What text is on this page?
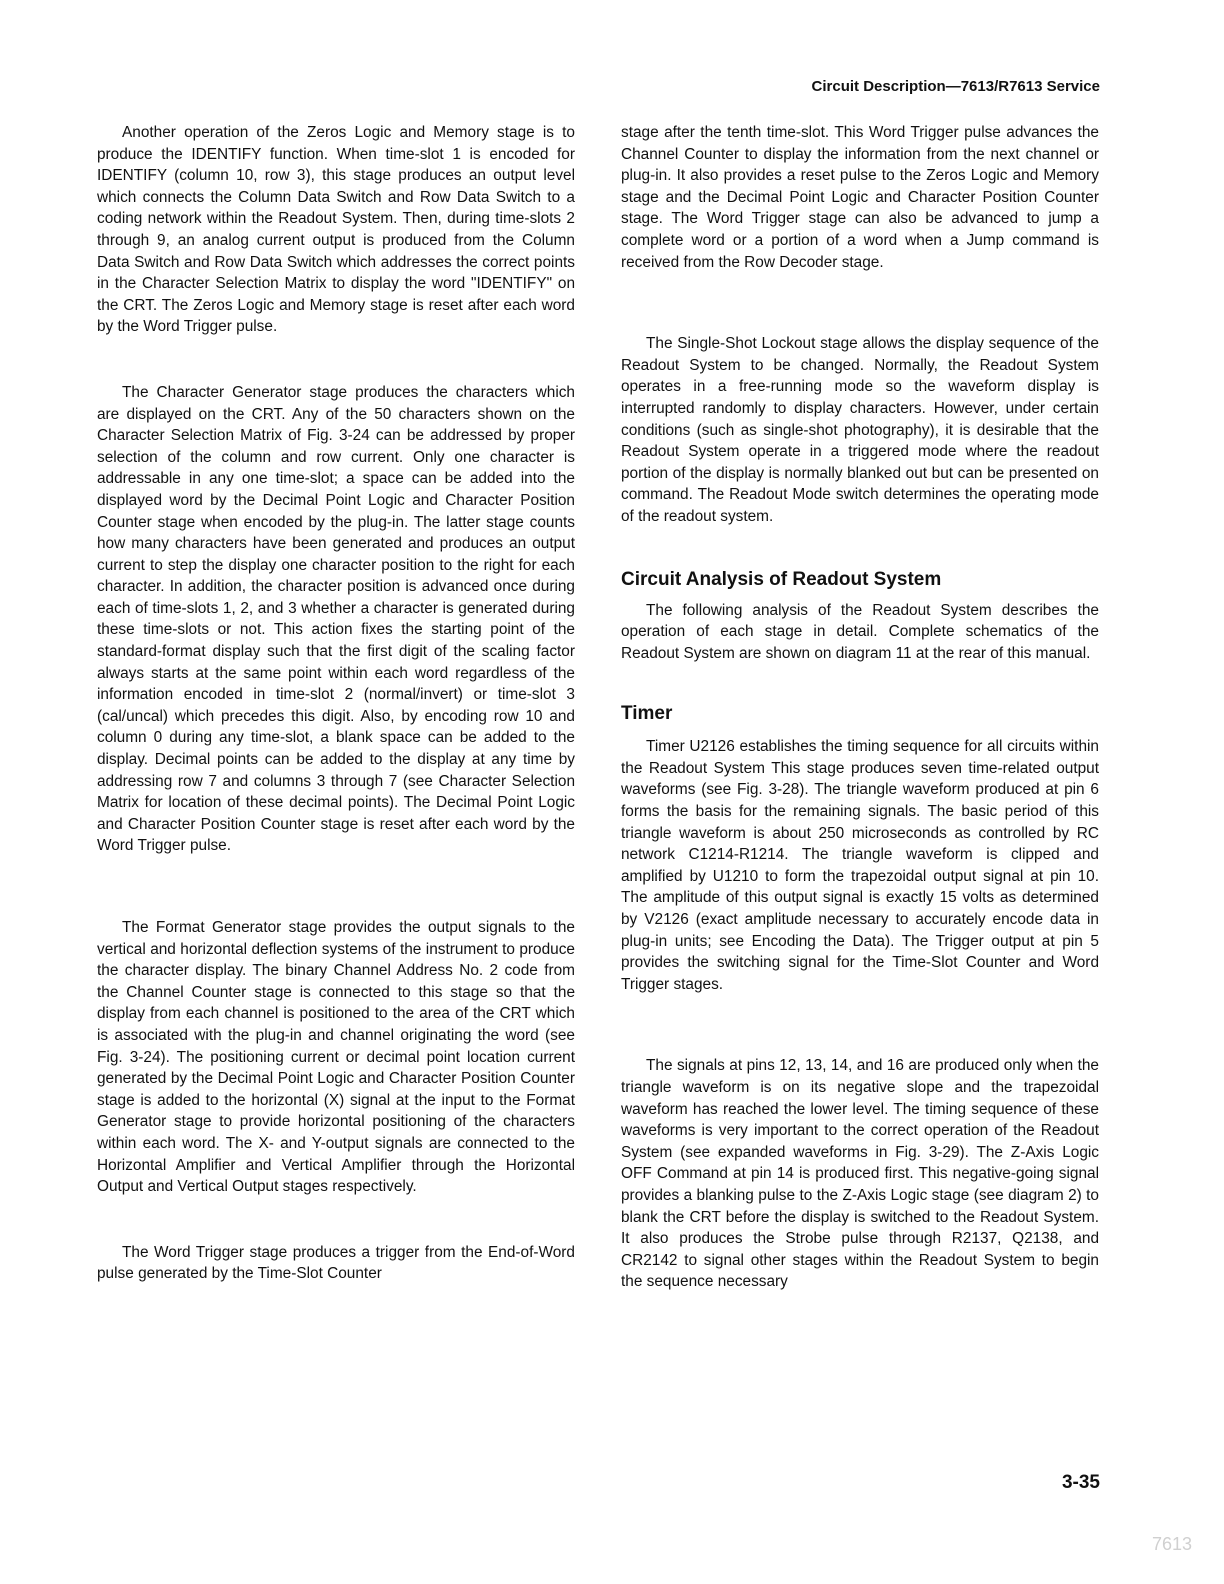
Circuit Description—7613/R7613 Service

Another operation of the Zeros Logic and Memory stage is to produce the IDENTIFY function. When time-slot 1 is encoded for IDENTIFY (column 10, row 3), this stage produces an output level which connects the Column Data Switch and Row Data Switch to a coding network within the Readout System. Then, during time-slots 2 through 9, an analog current output is produced from the Column Data Switch and Row Data Switch which addresses the correct points in the Character Selection Matrix to display the word "IDENTIFY" on the CRT. The Zeros Logic and Memory stage is reset after each word by the Word Trigger pulse.

The Character Generator stage produces the characters which are displayed on the CRT. Any of the 50 characters shown on the Character Selection Matrix of Fig. 3-24 can be addressed by proper selection of the column and row current. Only one character is addressable in any one time-slot; a space can be added into the displayed word by the Decimal Point Logic and Character Position Counter stage when encoded by the plug-in. The latter stage counts how many characters have been generated and produces an output current to step the display one character position to the right for each character. In addition, the character position is advanced once during each of time-slots 1, 2, and 3 whether a character is generated during these time-slots or not. This action fixes the starting point of the standard-format display such that the first digit of the scaling factor always starts at the same point within each word regardless of the information encoded in time-slot 2 (normal/invert) or time-slot 3 (cal/uncal) which precedes this digit. Also, by encoding row 10 and column 0 during any time-slot, a blank space can be added to the display. Decimal points can be added to the display at any time by addressing row 7 and columns 3 through 7 (see Character Selection Matrix for location of these decimal points). The Decimal Point Logic and Character Position Counter stage is reset after each word by the Word Trigger pulse.

The Format Generator stage provides the output signals to the vertical and horizontal deflection systems of the instrument to produce the character display. The binary Channel Address No. 2 code from the Channel Counter stage is connected to this stage so that the display from each channel is positioned to the area of the CRT which is associated with the plug-in and channel originating the word (see Fig. 3-24). The positioning current or decimal point location current generated by the Decimal Point Logic and Character Position Counter stage is added to the horizontal (X) signal at the input to the Format Generator stage to provide horizontal positioning of the characters within each word. The X- and Y-output signals are connected to the Horizontal Amplifier and Vertical Amplifier through the Horizontal Output and Vertical Output stages respectively.

The Word Trigger stage produces a trigger from the End-of-Word pulse generated by the Time-Slot Counter

stage after the tenth time-slot. This Word Trigger pulse advances the Channel Counter to display the information from the next channel or plug-in. It also provides a reset pulse to the Zeros Logic and Memory stage and the Decimal Point Logic and Character Position Counter stage. The Word Trigger stage can also be advanced to jump a complete word or a portion of a word when a Jump command is received from the Row Decoder stage.

The Single-Shot Lockout stage allows the display sequence of the Readout System to be changed. Normally, the Readout System operates in a free-running mode so the waveform display is interrupted randomly to display characters. However, under certain conditions (such as single-shot photography), it is desirable that the Readout System operate in a triggered mode where the readout portion of the display is normally blanked out but can be presented on command. The Readout Mode switch determines the operating mode of the readout system.

Circuit Analysis of Readout System

The following analysis of the Readout System describes the operation of each stage in detail. Complete schematics of the Readout System are shown on diagram 11 at the rear of this manual.

Timer

Timer U2126 establishes the timing sequence for all circuits within the Readout System This stage produces seven time-related output waveforms (see Fig. 3-28). The triangle waveform produced at pin 6 forms the basis for the remaining signals. The basic period of this triangle waveform is about 250 microseconds as controlled by RC network C1214-R1214. The triangle waveform is clipped and amplified by U1210 to form the trapezoidal output signal at pin 10. The amplitude of this output signal is exactly 15 volts as determined by V2126 (exact amplitude necessary to accurately encode data in plug-in units; see Encoding the Data). The Trigger output at pin 5 provides the switching signal for the Time-Slot Counter and Word Trigger stages.

The signals at pins 12, 13, 14, and 16 are produced only when the triangle waveform is on its negative slope and the trapezoidal waveform has reached the lower level. The timing sequence of these waveforms is very important to the correct operation of the Readout System (see expanded waveforms in Fig. 3-29). The Z-Axis Logic OFF Command at pin 14 is produced first. This negative-going signal provides a blanking pulse to the Z-Axis Logic stage (see diagram 2) to blank the CRT before the display is switched to the Readout System. It also produces the Strobe pulse through R2137, Q2138, and CR2142 to signal other stages within the Readout System to begin the sequence necessary

3-35
7613
